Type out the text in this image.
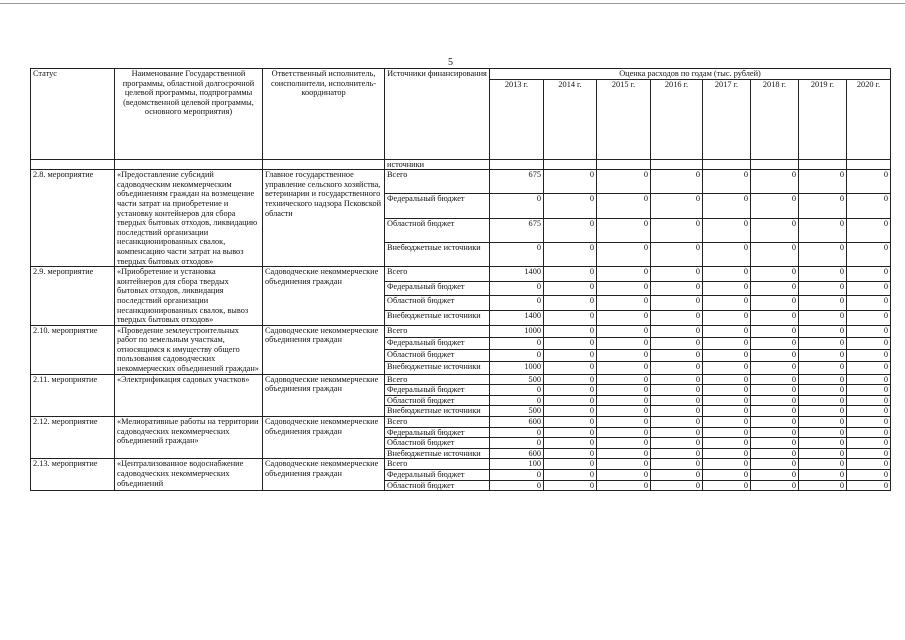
5
Статус	Наименование Государственной программы, областной долгосрочной целевой программы, подпрограммы (ведомственной целевой программы, основного мероприятия)	Ответственный исполнитель, соисполнители, исполнитель-координатор	Источники финансирования	Оценка расходов по годам (тыс. рублей)							
				2013 г.	2014 г.	2015 г.	2016 г.	2017 г.	2018 г.	2019 г.	2020 г.
			источники								
2.8. мероприятие	«Предоставление субсидий садоводческим некоммерческим объединениям граждан на возмещение части затрат на приобретение и установку контейнеров для сбора твердых бытовых отходов, ликвидацию последствий организации несанкционированных свалок, компенсацию части затрат на вывоз твердых бытовых отходов»	Главное государственное управление сельского хозяйства, ветеринарии и государственного технического надзора Псковской области	Всего	675	0	0	0	0	0	0	0
			Федеральный бюджет	0	0	0	0	0	0	0	0
			Областной бюджет	675	0	0	0	0	0	0	0
			Внебюджетные источники	0	0	0	0	0	0	0	0
2.9. мероприятие	«Приобретение и установка контейнеров для сбора твердых бытовых отходов, ликвидация последствий организации несанкционированных свалок, вывоз твердых бытовых отходов»	Садоводческие некоммерческие объединения граждан	Всего	1400	0	0	0	0	0	0	0
			Федеральный бюджет	0	0	0	0	0	0	0	0
			Областной бюджет	0	0	0	0	0	0	0	0
			Внебюджетные источники	1400	0	0	0	0	0	0	0
2.10. мероприятие	«Проведение землеустроительных работ по земельным участкам, относящимся к имуществу общего пользования садоводческих некоммерческих объединений граждан»	Садоводческие некоммерческие объединения граждан	Всего	1000	0	0	0	0	0	0	0
			Федеральный бюджет	0	0	0	0	0	0	0	0
			Областной бюджет	0	0	0	0	0	0	0	0
			Внебюджетные источники	1000	0	0	0	0	0	0	0
2.11. мероприятие	«Электрификация садовых участков»	Садоводческие некоммерческие объединения граждан	Всего	500	0	0	0	0	0	0	0
			Федеральный бюджет	0	0	0	0	0	0	0	0
			Областной бюджет	0	0	0	0	0	0	0	0
			Внебюджетные источники	500	0	0	0	0	0	0	0
2.12. мероприятие	«Мелиоративные работы на территории садоводческих некоммерческих объединений граждан»	Садоводческие некоммерческие объединения граждан	Всего	600	0	0	0	0	0	0	0
			Федеральный бюджет	0	0	0	0	0	0	0	0
			Областной бюджет	0	0	0	0	0	0	0	0
			Внебюджетные источники	600	0	0	0	0	0	0	0
2.13. мероприятие	«Централизованное водоснабжение садоводческих некоммерческих объединений	Садоводческие некоммерческие объединения граждан	Всего	100	0	0	0	0	0	0	0
			Федеральный бюджет	0	0	0	0	0	0	0	0
			Областной бюджет	0	0	0	0	0	0	0	0
